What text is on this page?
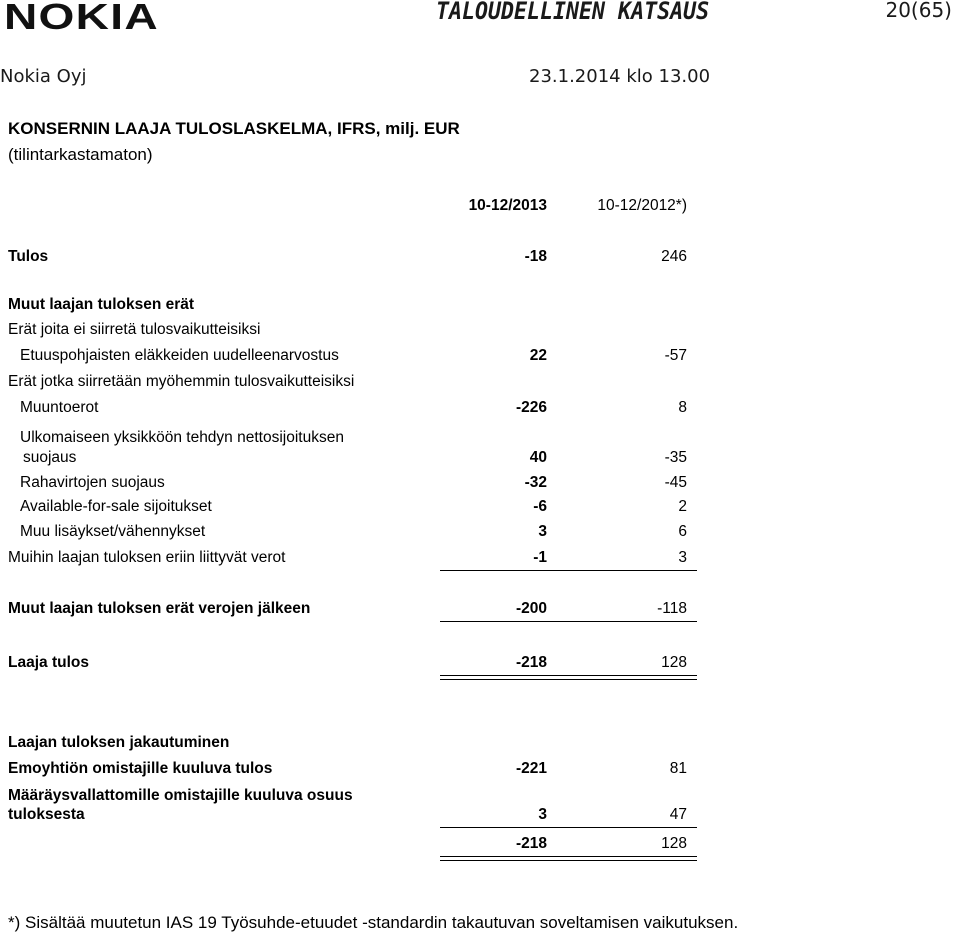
NOKIA	TALOUDELLINEN KATSAUS	20(65)
Nokia Oyj	23.1.2014 klo 13.00
KONSERNIN LAAJA TULOSLASKELMA, IFRS, milj. EUR
(tilintarkastamaton)
10-12/2013	10-12/2012*)
Tulos	-18	246
Muut laajan tuloksen erät
Erät joita ei siirretä tulosvaikutteisiksi
Etuuspohjaisten eläkkeiden uudelleenarvostus	22	-57
Erät jotka siirretään myöhemmin tulosvaikutteisiksi
Muuntoerot	-226	8
Ulkomaiseen yksikköön tehdyn nettosijoituksen
suojaus	40	-35
Rahavirtojen suojaus	-32	-45
Available-for-sale sijoitukset	-6	2
Muu lisäykset/vähennykset	3	6
Muihin laajan tuloksen eriin liittyvät verot	-1	3
Muut laajan tuloksen erät verojen jälkeen	-200	-118
Laaja tulos	-218	128
Laajan tuloksen jakautuminen
Emoyhtiön omistajille kuuluva tulos	-221	81
Määräysvallattomille omistajille kuuluva osuus
tuloksesta	3	47
-218	128
*) Sisältää muutetun IAS 19 Työsuhde-etuudet -standardin takautuvan soveltamisen vaikutuksen.
